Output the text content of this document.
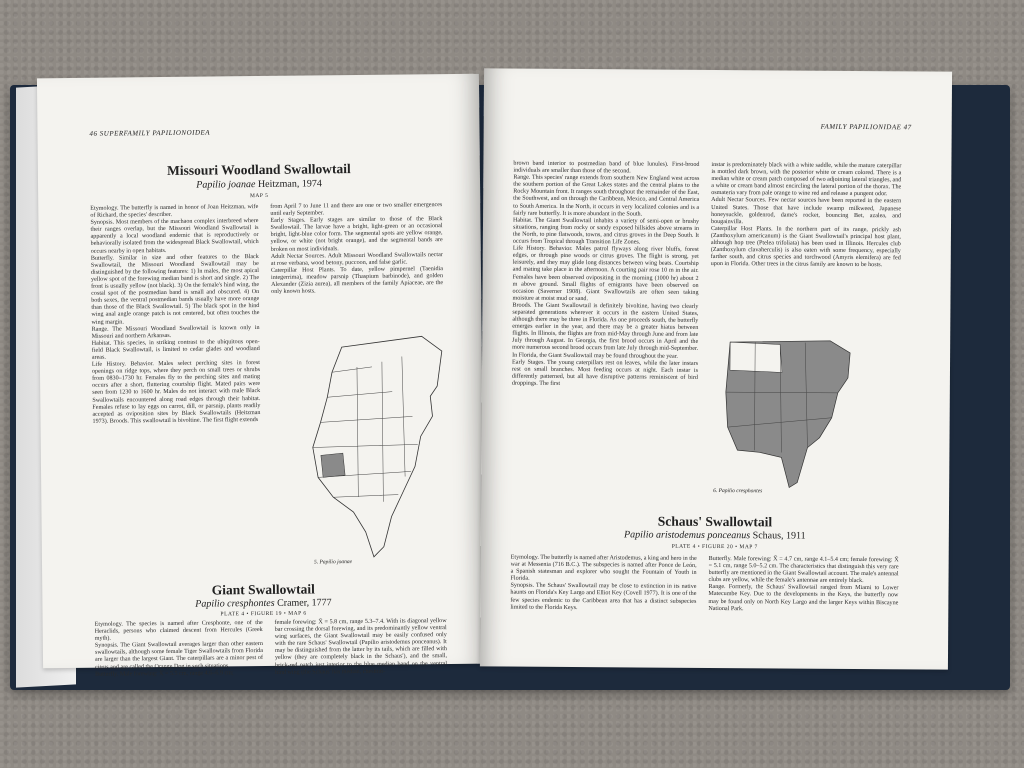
46 SUPERFAMILY PAPILIONOIDEA
Missouri Woodland Swallowtail
Papilio joanae Heitzman, 1974
MAP 5

Etymology. The butterfly is named in honor of Joan Heitzman, wife of Richard, the species' describer.

Synopsis. Most members of the machaon complex interbreed where their ranges overlap, but the Missouri Woodland Swallowtail is apparently a local woodland endemic that is reproductively or behaviorally isolated from the widespread Black Swallowtail, which occurs nearby in open habitats.

Butterfly. Similar in size and other features to the Black Swallowtail, the Missouri Woodland Swallowtail may be distinguished by the following features: 1) In males, the most apical yellow spot of the forewing median band is short and single. 2) The front is usually yellow (not black). 3) On the female's hind wing, the costal spot of the postmedian band is small and obscured. 4) On both sexes, the ventral postmedian bands usually have more orange than those of the Black Swallowtail. 5) The black spot in the hind wing anal angle orange patch is not centered, but often touches the wing margin.

Range. The Missouri Woodland Swallowtail is known only in Missouri and northern Arkansas.

Habitat. This species, in striking contrast to the ubiquitous open-field Black Swallowtail, is limited to cedar glades and woodland areas.

Life History. Behavior. Males select perching sites in forest openings on ridge tops, where they perch on small trees or shrubs from 0830–1730 hr. Females fly to the perching sites and mating occurs after a short, fluttering courtship flight. Mated pairs were seen from 1230 to 1600 hr. Males do not interact with male Black Swallowtails encountered along road edges through their habitat. Females refuse to lay eggs on carrot, dill, or parsnip, plants readily accepted as oviposition sites by Black Swallowtails (Heitzman 1973). Broods. This swallowtail is bivoltine. The first flight extends

from April 7 to June 11 and there are one or two smaller emergences until early September.

Early Stages. Early stages are similar to those of the Black Swallowtail. The larvae have a bright, light-green or an occasional bright, light-blue color form. The segmental spots are yellow orange, yellow, or white (not bright orange), and the segmental bands are broken on most individuals.

Adult Nectar Sources. Adult Missouri Woodland Swallowtails nectar at rose verbana, wood betony, puccoon, and false garlic.

Caterpillar Host Plants. To date, yellow pimpernel (Taenidia integerrima), meadow parsnip (Thaspium barbinode), and golden Alexander (Zizia aurea), all members of the family Apiaceae, are the only known hosts.

5. Papilio joanae
Giant Swallowtail
Papilio cresphontes Cramer, 1777
PLATE 4 • FIGURE 19 • MAP 6

Etymology. The species is named after Cresphonte, one of the Heraclids, persons who claimed descent from Hercules (Greek myth).

Synopsis. The Giant Swallowtail averages larger than other eastern swallowtails, although some female Tiger Swallowtails from Florida are larger than the largest Giant. The caterpillars are a minor pest of citrus and are called the Orange Dog in such situations.

Butterfly. Male forewing: X̄ = 5.5 cm, range 4.6–6.9 cm;

female forewing: X̄ = 5.8 cm, range 5.3–7.4. With its diagonal yellow bar crossing the dorsal forewing, and its predominantly yellow ventral wing surfaces, the Giant Swallowtail may be easily confused only with the rare Schaus' Swallowtail (Papilio aristodemus ponceanus). It may be distinguished from the latter by its tails, which are filled with yellow (they are completely black in the Schaus'), and the small, brick-red patch just interior to the blue median band on the ventral hind wing (the Schaus' has median, chestnut-

FAMILY PAPILIONIDAE 47

brown band interior to postmedian band of blue lunules). First-brood individuals are smaller than those of the second.

Range. This species' range extends from southern New England west across the southern portion of the Great Lakes states and the central plains to the Rocky Mountain front. It ranges south throughout the remainder of the East, the Southwest, and on through the Caribbean, Mexico, and Central America to South America. In the North, it occurs in very localized colonies and is a fairly rare butterfly. It is more abundant in the South.

Habitat. The Giant Swallowtail inhabits a variety of semi-open or brushy situations, ranging from rocky or sandy exposed hillsides above streams in the North, to pine flatwoods, towns, and citrus groves in the Deep South. It occurs from Tropical through Transition Life Zones.

Life History. Behavior. Males patrol flyways along river bluffs, forest edges, or through pine woods or citrus groves. The flight is strong, yet leisurely, and they may glide long distances between wing beats. Courtship and mating take place in the afternoon. A courting pair rose 10 m in the air. Females have been observed ovipositing in the morning (1000 hr) about 2 m above ground. Small flights of emigrants have been observed on occasion (Saverner 1908). Giant Swallowtails are often seen taking moisture at moist mud or sand.

Broods. The Giant Swallowtail is definitely bivoltine, having two clearly separated generations wherever it occurs in the eastern United States, although there may be three in Florida. As one proceeds south, the butterfly emerges earlier in the year, and there may be a greater hiatus between flights. In Illinois, the flights are from mid-May through June and from late July through August. In Georgia, the first brood occurs in April and the more numerous second brood occurs from late July through mid-September. In Florida, the Giant Swallowtail may be found throughout the year.

Early Stages. The young caterpillars rest on leaves, while the later instars rest on small branches. Most feeding occurs at night. Each instar is differently patterned, but all have disruptive patterns reminiscent of bird droppings. The first

instar is predominately black with a white saddle, while the mature caterpillar is mottled dark brown, with the posterior white or cream colored. There is a median white or cream patch composed of two adjoining lateral triangles, and a white or cream band almost encircling the lateral portion of the thorax. The osmateria vary from pale orange to wine red and release a pungent odor.

Adult Nectar Sources. Few nectar sources have been reported in the eastern United States. Those that have include swamp milkweed, Japanese honeysuckle, goldenrod, dame's rocket, bouncing Bet, azalea, and bougainvilla.

Caterpillar Host Plants. In the northern part of its range, prickly ash (Zanthoxylum americanum) is the Giant Swallowtail's principal host plant, although hop tree (Ptelea trifoliata) has been used in Illinois. Hercules club (Zanthoxylum clavaherculis) is also eaten with some frequency, especially farther south, and citrus species and torchwood (Amyris elemifera) are fed upon in Florida. Other trees in the citrus family are known to be hosts.

6. Papilio cresphontes
Schaus' Swallowtail
Papilio aristodemus ponceanus Schaus, 1911
PLATE 4 • FIGURE 20 • MAP 7

Etymology. The butterfly is named after Aristodemus, a king and hero in the war at Messenia (716 B.C.). The subspecies is named after Ponce de León, a Spanish statesman and explorer who sought the Fountain of Youth in Florida.

Synopsis. The Schaus' Swallowtail may be close to extinction in its native haunts on Florida's Key Largo and Elliot Key (Covell 1977). It is one of the few species endemic to the Caribbean area that has a distinct subspecies limited to the Florida Keys.

Butterfly. Male forewing: X̄ = 4.7 cm, range 4.1–5.4 cm; female forewing: X̄ = 5.1 cm, range 5.0–5.2 cm. The characteristics that distinguish this very rare butterfly are mentioned in the Giant Swallowtail account. The male's antennal clubs are yellow, while the female's antennae are entirely black.

Range. Formerly, the Schaus' Swallowtail ranged from Miami to Lower Matecumbe Key. Due to the developments in the Keys, the butterfly now may be found only on North Key Largo and the larger Keys within Biscayne National Park.
